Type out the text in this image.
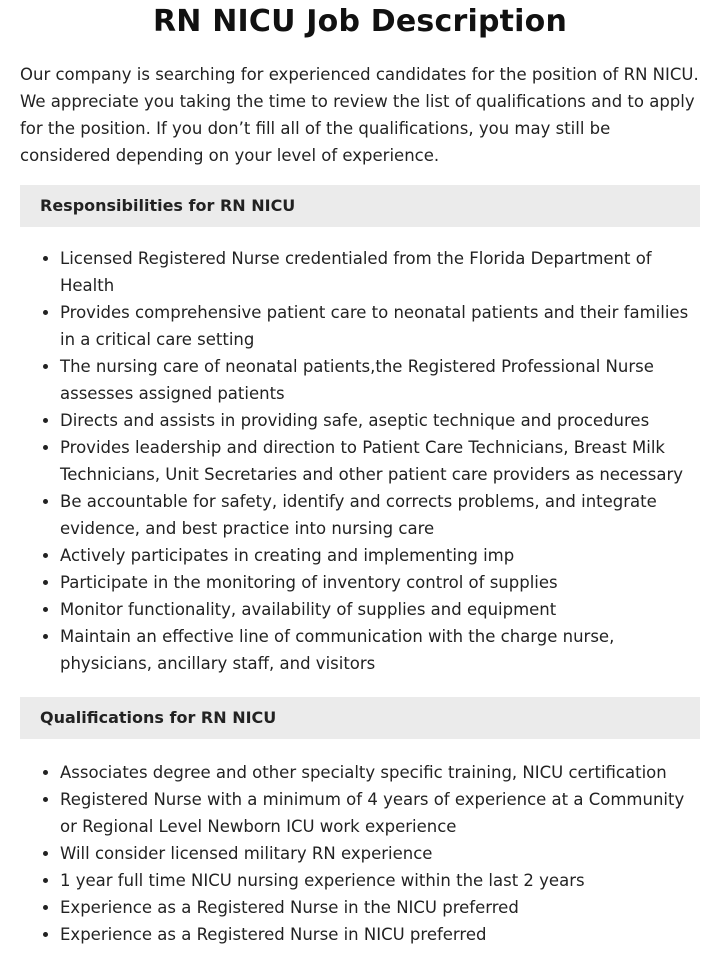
RN NICU Job Description

Our company is searching for experienced candidates for the position of RN NICU. We appreciate you taking the time to review the list of qualifications and to apply for the position. If you don’t fill all of the qualifications, you may still be considered depending on your level of experience.

Responsibilities for RN NICU
• Licensed Registered Nurse credentialed from the Florida Department of Health
• Provides comprehensive patient care to neonatal patients and their families in a critical care setting
• The nursing care of neonatal patients,the Registered Professional Nurse assesses assigned patients
• Directs and assists in providing safe, aseptic technique and procedures
• Provides leadership and direction to Patient Care Technicians, Breast Milk Technicians, Unit Secretaries and other patient care providers as necessary
• Be accountable for safety, identify and corrects problems, and integrate evidence, and best practice into nursing care
• Actively participates in creating and implementing imp
• Participate in the monitoring of inventory control of supplies
• Monitor functionality, availability of supplies and equipment
• Maintain an effective line of communication with the charge nurse, physicians, ancillary staff, and visitors
Qualifications for RN NICU
• Associates degree and other specialty specific training, NICU certification
• Registered Nurse with a minimum of 4 years of experience at a Community or Regional Level Newborn ICU work experience
• Will consider licensed military RN experience
• 1 year full time NICU nursing experience within the last 2 years
• Experience as a Registered Nurse in the NICU preferred
• Experience as a Registered Nurse in NICU preferred
